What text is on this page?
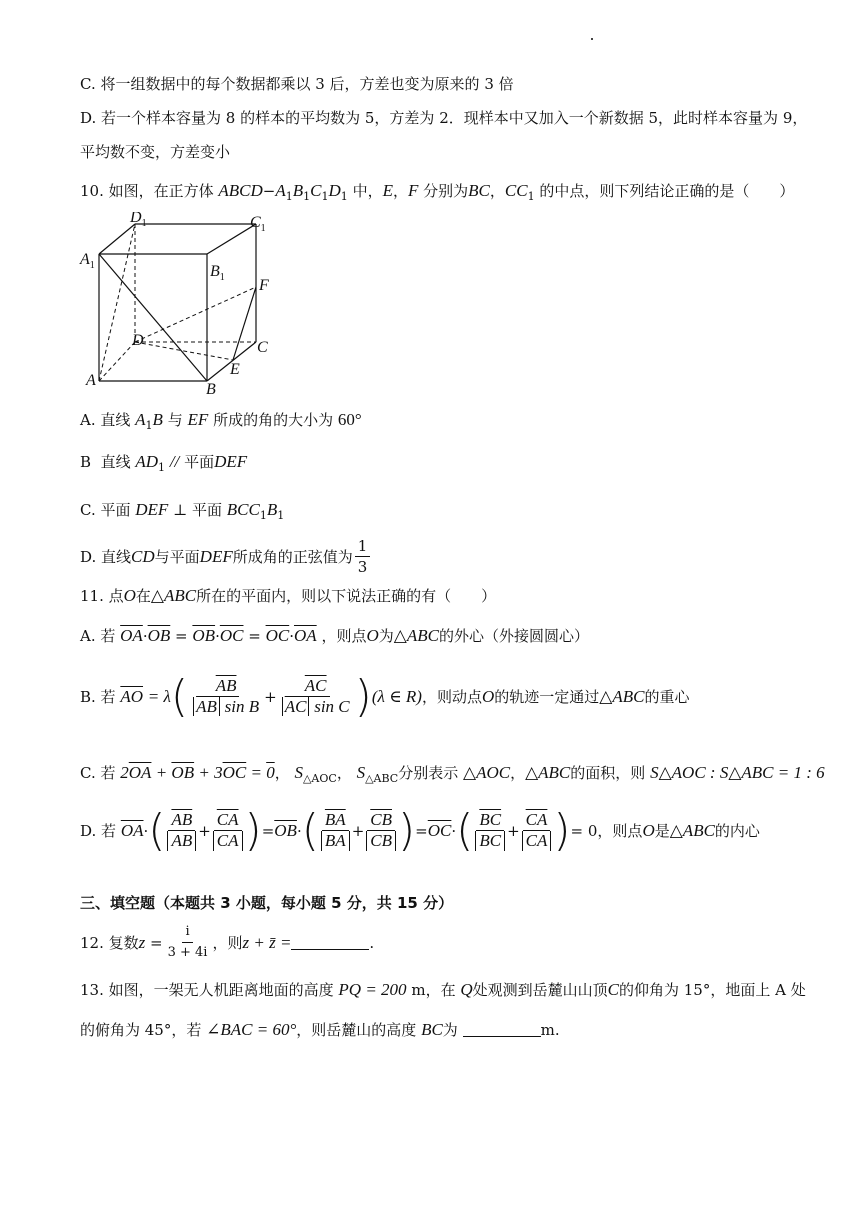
C. 将一组数据中的每个数据都乘以 3 后，方差也变为原来的 3 倍
D. 若一个样本容量为 8 的样本的平均数为 5，方差为 2．现样本中又加入一个新数据 5，此时样本容量为 9，
平均数不变，方差变小
10. 如图，在正方体 $ABCD-A_1B_1C_1D_1$ 中，E，F 分别为BC，$CC_1$ 的中点，则下列结论正确的是（　　）
$D_1$	$C_1$
$A_1$	$B_1$ F
D	C
A
B
E
A. 直线 $A_1B$ 与 EF 所成的角的大小为 60°
B 直线 $AD_1$ // 平面DEF
C. 平面 DEF ⊥ 平面 $BCC_1B_1$
D. 直线 CD 与平面 DEF 所成角的正弦值为 $\frac{1}{3}$
11. 点O在△ABC所在的平面内，则以下说法正确的有（　　）
A. 若 $\overline{OA}\cdot\overline{OB} = \overline{OB}\cdot\overline{OC} = \overline{OC}\cdot\overline{OA}$ ，则点O为△ABC的外心（外接圆圆心）
B. 若
$\overline{AO}$
= λ ( $\frac{\overline{AB}}{\overline{AB} \sin B} + \frac{\overline{AC}}{\overline{AC} \sin C}$ ) (λ ∈ R) ，则动点 O 的轨迹一定通过 △ABC 的重心
C. 若 $2\overline{OA} + \overline{OB} + 3\overline{OC} = 0$， $S_{\triangle AOC}$， $S_{\triangle ABC}$分别表示 △AOC，△ABC的面积，则 S△AOC : S△ABC = 1 : 6
D. 若
$\overline{OA}$ · ( $\frac{\overline{AB}}{AB} + \frac{\overline{CA}}{CA}$ ) = $\overline{OB}$ · ( $\frac{\overline{BA}}{BA} + \frac{\overline{CB}}{CB}$ ) = $\overline{OC}$ · ( $\frac{\overline{BC}}{BC} + \frac{\overline{CA}}{CA}$ ) = 0，则点 O 是 △ABC 的内心
三、填空题（本题共 3 小题，每小题 5 分，共 15 分）
12. 复数 z
= $\frac{i}{3 + 4i}$ ，则 z + z̄ =	.
13. 如图，一架无人机距离地面的高度 PQ = 200 m，在 Q处观测到岳麓山山顶C的仰角为 15°，地面上 A 处
的俯角为 45°，若 ∠BAC = 60°，则岳麓山的高度 BC为	m.
